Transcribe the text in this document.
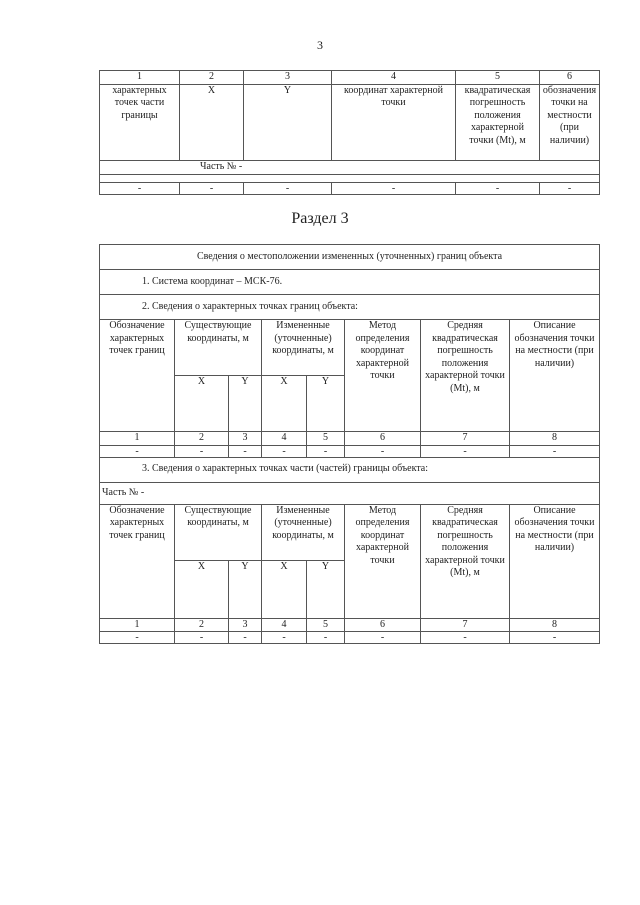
3
1	2	3	4	5	6
характерных точек части границы	X	Y	координат характерной точки	квадратическая погрешность положения характерной точки (Mt), м	обозначения точки на местности (при наличии)
Часть № -					

-	-	-	-	-	-
Раздел 3
Сведения о местоположении измененных (уточненных) границ объекта							
1. Система координат – МСК-76.							
2. Сведения о характерных точках границ объекта:							
Обозначение характерных точек границ	Существующие координаты, м		Измененные (уточненные) координаты, м		Метод определения координат характерной точки	Средняя квадратическая погрешность положения характерной точки (Mt), м	Описание обозначения точки на местности (при наличии)
	X	Y	X	Y			
1	2	3	4	5	6	7	8
-	-	-	-	-	-	-	-
3. Сведения о характерных точках части (частей) границы объекта:							
Часть № -							
Обозначение характерных точек границ	Существующие координаты, м		Измененные (уточненные) координаты, м		Метод определения координат характерной точки	Средняя квадратическая погрешность положения характерной точки (Mt), м	Описание обозначения точки на местности (при наличии)
	X	Y	X	Y			
1	2	3	4	5	6	7	8
-	-	-	-	-	-	-	-
